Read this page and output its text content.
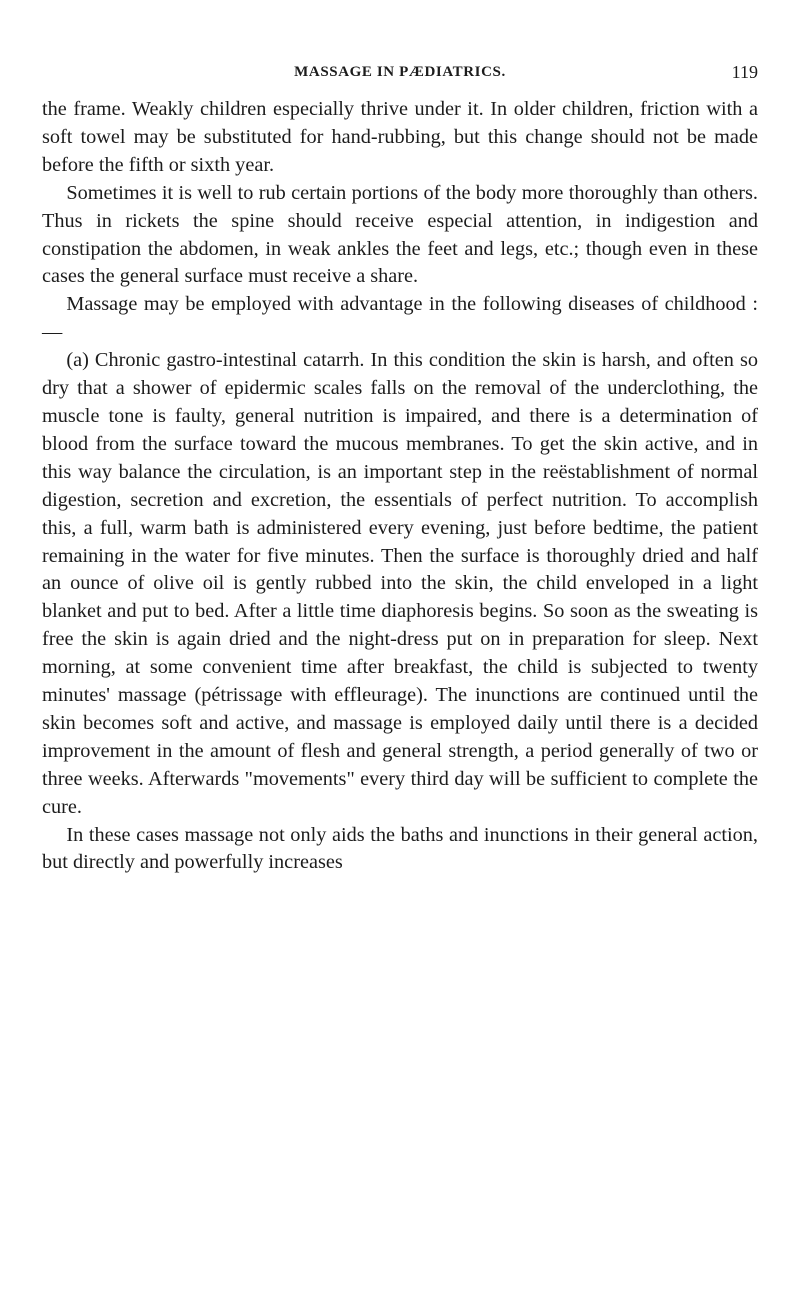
MASSAGE IN PÆDIATRICS.	119

the frame. Weakly children especially thrive under it. In older children, friction with a soft towel may be substituted for hand-rubbing, but this change should not be made before the fifth or sixth year.

Sometimes it is well to rub certain portions of the body more thoroughly than others. Thus in rickets the spine should receive especial attention, in indigestion and constipation the abdomen, in weak ankles the feet and legs, etc.; though even in these cases the general surface must receive a share.

Massage may be employed with advantage in the following diseases of childhood :—

(a) Chronic gastro-intestinal catarrh. In this condition the skin is harsh, and often so dry that a shower of epidermic scales falls on the removal of the underclothing, the muscle tone is faulty, general nutrition is impaired, and there is a determination of blood from the surface toward the mucous membranes. To get the skin active, and in this way balance the circulation, is an important step in the reëstablishment of normal digestion, secretion and excretion, the essentials of perfect nutrition. To accomplish this, a full, warm bath is administered every evening, just before bedtime, the patient remaining in the water for five minutes. Then the surface is thoroughly dried and half an ounce of olive oil is gently rubbed into the skin, the child enveloped in a light blanket and put to bed. After a little time diaphoresis begins. So soon as the sweating is free the skin is again dried and the night-dress put on in preparation for sleep. Next morning, at some convenient time after breakfast, the child is subjected to twenty minutes' massage (pétrissage with effleurage). The inunctions are continued until the skin becomes soft and active, and massage is employed daily until there is a decided improvement in the amount of flesh and general strength, a period generally of two or three weeks. Afterwards "movements" every third day will be sufficient to complete the cure.

In these cases massage not only aids the baths and inunctions in their general action, but directly and powerfully increases
